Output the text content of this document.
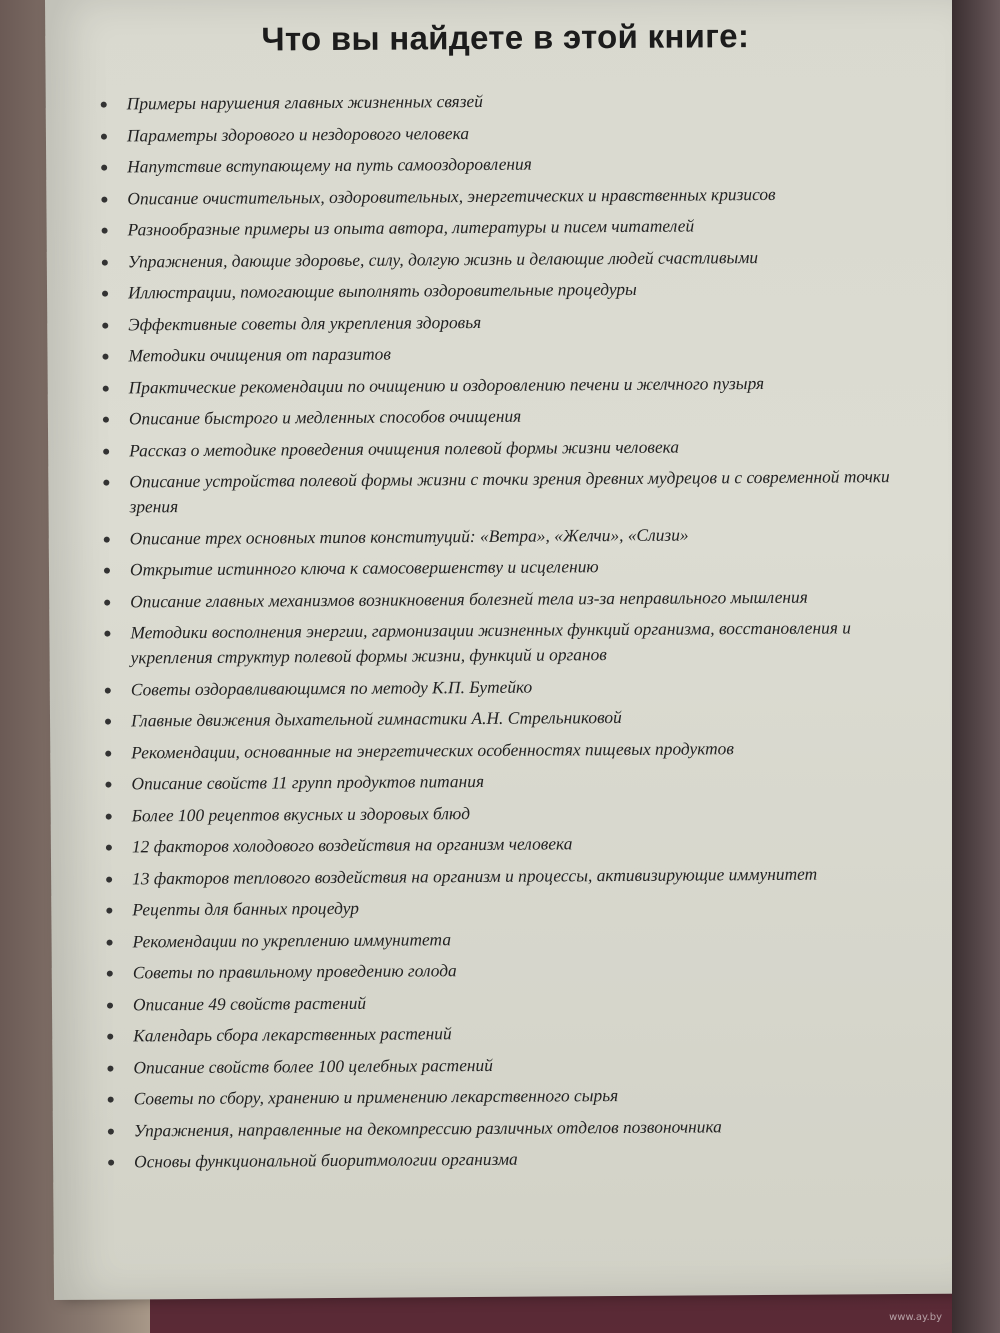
Что вы найдете в этой книге:
Примеры нарушения главных жизненных связей
Параметры здорового и нездорового человека
Напутствие вступающему на путь самооздоровления
Описание очистительных, оздоровительных, энергетических и нравственных кризисов
Разнообразные примеры из опыта автора, литературы и писем читателей
Упражнения, дающие здоровье, силу, долгую жизнь и делающие людей счастливыми
Иллюстрации, помогающие выполнять оздоровительные процедуры
Эффективные советы для укрепления здоровья
Методики очищения от паразитов
Практические рекомендации по очищению и оздоровлению печени и желчного пузыря
Описание быстрого и медленных способов очищения
Рассказ о методике проведения очищения полевой формы жизни человека
Описание устройства полевой формы жизни с точки зрения древних мудрецов и с современной точки зрения
Описание трех основных типов конституций: «Ветра», «Желчи», «Слизи»
Открытие истинного ключа к самосовершенству и исцелению
Описание главных механизмов возникновения болезней тела из-за неправильного мышления
Методики восполнения энергии, гармонизации жизненных функций организма, восстановления и укрепления структур полевой формы жизни, функций и органов
Советы оздоравливающимся по методу К.П. Бутейко
Главные движения дыхательной гимнастики А.Н. Стрельниковой
Рекомендации, основанные на энергетических особенностях пищевых продуктов
Описание свойств 11 групп продуктов питания
Более 100 рецептов вкусных и здоровых блюд
12 факторов холодового воздействия на организм человека
13 факторов теплового воздействия на организм и процессы, активизирующие иммунитет
Рецепты для банных процедур
Рекомендации по укреплению иммунитета
Советы по правильному проведению голода
Описание 49 свойств растений
Календарь сбора лекарственных растений
Описание свойств более 100 целебных растений
Советы по сбору, хранению и применению лекарственного сырья
Упражнения, направленные на декомпрессию различных отделов позвоночника
Основы функциональной биоритмологии организма
www.ay.by
